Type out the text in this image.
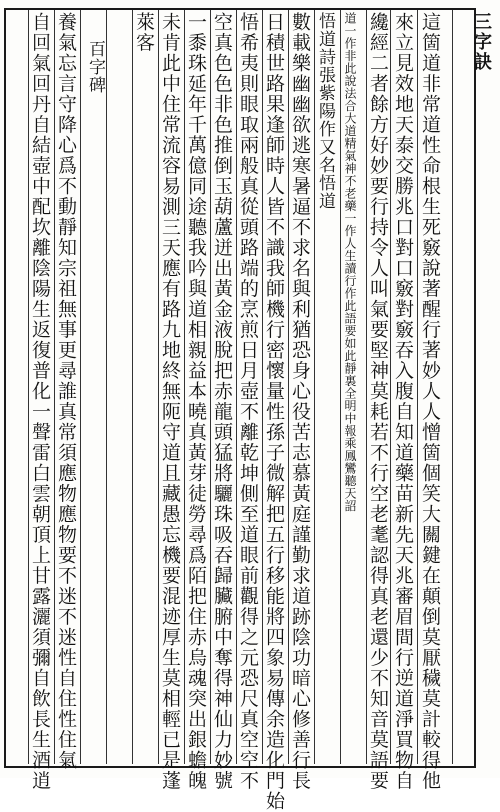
三字訣
這箇道非常道性命根生死竅說著醒行著妙人人憎箇個笑大關鍵在顛倒莫厭穢莫計較得他
來立見效地天泰交勝兆口對口竅對竅吞入腹自知道藥苗新先天兆審眉間行逆道淨買物自
纔經二者餘方好妙要行持令人叫氣要堅神莫耗若不行空老耄認得真老還少不知音莫語要
道一作非此說法合大道精氣神不老藥一作人生讀行作此語要如此靜裏全明中報乘鳳鸞聽天詔
悟道詩張紫陽作又名悟道
數載樂幽幽欲逃寒暑逼不求名與利猶恐身心役苦志慕黃庭謹勤求道跡陰功暗心修善行長
日積世路果逢師時人皆不識我師機行密懷量性孫子微解把五行移能將四象易傳余造化門始
悟希夷則眼取兩般真從頭路端的烹煎日月壺不離乾坤側至道眼前觀得之元恐尺真空空不
空真色色非色推倒玉葫蘆迸出黃金液脫把赤龍頭猛將驪珠吸吞歸臟腑中奪得神仙力妙號
一黍珠延年千萬億同途聽我吟與道相親益本曉真黃芽徒勞尋爲陌把住赤烏魂突出銀蟾魄
未肯此中住常流容易測三天應有路九地終無阨守道且藏愚忘機要混迹厚生莫相輕已是蓬
萊客
百字碑
養氣忘言守降心爲不動靜知宗祖無事更尋誰真常須應物應物要不迷不迷性自住性住氣
自回氣回丹自結壺中配坎離陰陽生返復普化一聲雷白雲朝頂上甘露灑須彌自飲長生酒逍
